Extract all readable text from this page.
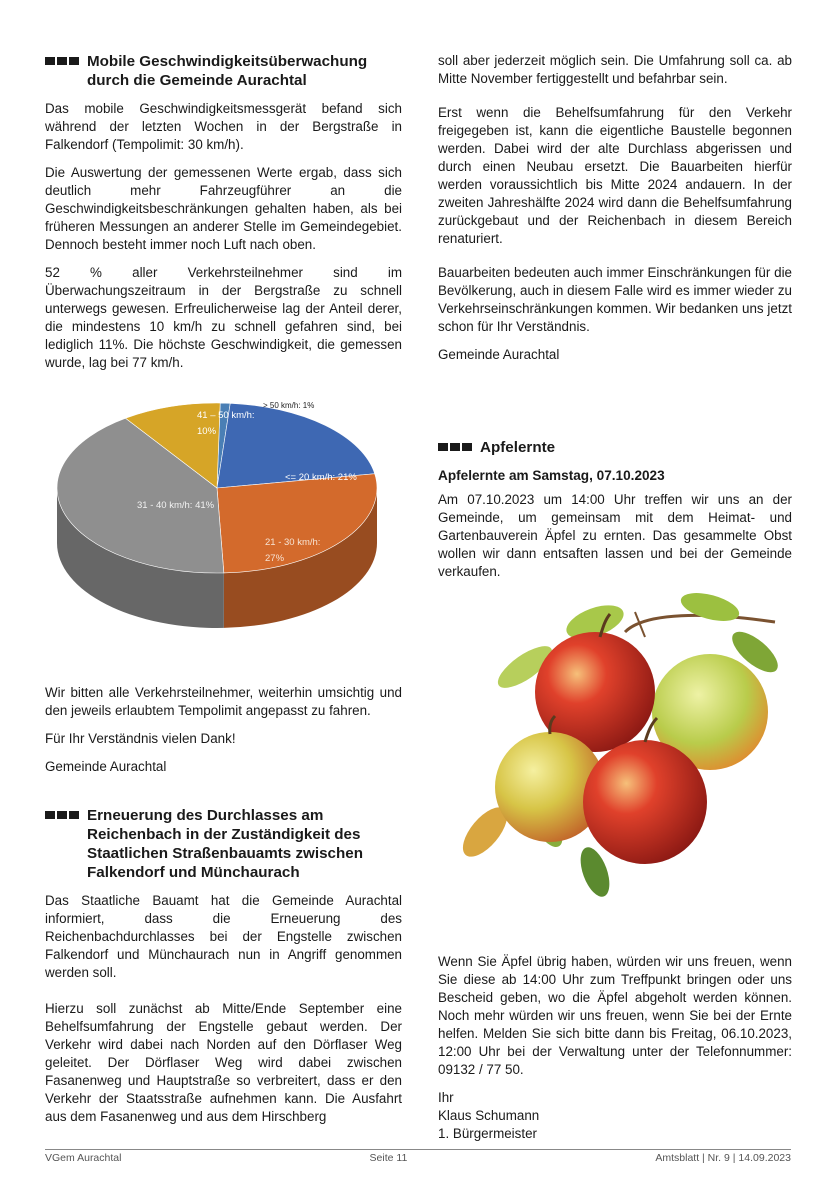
Mobile Geschwindigkeitsüberwachung durch die Gemeinde Aurachtal

Das mobile Geschwindigkeitsmessgerät befand sich während der letzten Wochen in der Bergstraße in Falkendorf (Tempolimit: 30 km/h).

Die Auswertung der gemessenen Werte ergab, dass sich deutlich mehr Fahrzeugführer an die Geschwindigkeitsbeschränkungen gehalten haben, als bei früheren Messungen an anderer Stelle im Gemeindegebiet. Dennoch besteht immer noch Luft nach oben.

52 % aller Verkehrsteilnehmer sind im Überwachungszeitraum in der Bergstraße zu schnell unterwegs gewesen. Erfreulicherweise lag der Anteil derer, die mindestens 10 km/h zu schnell gefahren sind, bei lediglich 11%. Die höchste Geschwindigkeit, die gemessen wurde, lag bei 77 km/h.

Wir bitten alle Verkehrsteilnehmer, weiterhin umsichtig und den jeweils erlaubtem Tempolimit angepasst zu fahren.

Für Ihr Verständnis vielen Dank!

Gemeinde Aurachtal

Erneuerung des Durchlasses am Reichenbach in der Zuständigkeit des Staatlichen Straßenbauamts zwischen Falkendorf und Münchaurach

Das Staatliche Bauamt hat die Gemeinde Aurachtal informiert, dass die Erneuerung des Reichenbachdurchlasses bei der Engstelle zwischen Falkendorf und Münchaurach nun in Angriff genommen werden soll.

Hierzu soll zunächst ab Mitte/Ende September eine Behelfsumfahrung der Engstelle gebaut werden. Der Verkehr wird dabei nach Norden auf den Dörflaser Weg geleitet. Der Dörflaser Weg wird dabei zwischen Fasanenweg und Hauptstraße so verbreitert, dass er den Verkehr der Staatsstraße aufnehmen kann. Die Ausfahrt aus dem Fasanenweg und aus dem Hirschberg

> 50 km/h: 1%
<= 20 km/h: 21%
21 - 30 km/h:
27%
31 - 40 km/h: 41%
41 – 50 km/h:
10%

soll aber jederzeit möglich sein. Die Umfahrung soll ca. ab Mitte November fertiggestellt und befahrbar sein.

Erst wenn die Behelfsumfahrung für den Verkehr freigegeben ist, kann die eigentliche Baustelle begonnen werden. Dabei wird der alte Durchlass abgerissen und durch einen Neubau ersetzt. Die Bauarbeiten hierfür werden voraussichtlich bis Mitte 2024 andauern. In der zweiten Jahreshälfte 2024 wird dann die Behelfsumfahrung zurückgebaut und der Reichenbach in diesem Bereich renaturiert.

Bauarbeiten bedeuten auch immer Einschränkungen für die Bevölkerung, auch in diesem Falle wird es immer wieder zu Verkehrseinschränkungen kommen. Wir bedanken uns jetzt schon für Ihr Verständnis.

Gemeinde Aurachtal

Apfelernte
Apfelernte am Samstag, 07.10.2023

Am 07.10.2023 um 14:00 Uhr treffen wir uns an der Gemeinde, um gemeinsam mit dem Heimat- und Gartenbauverein Äpfel zu ernten. Das gesammelte Obst wollen wir dann entsaften lassen und bei der Gemeinde verkaufen.

Wenn Sie Äpfel übrig haben, würden wir uns freuen, wenn Sie diese ab 14:00 Uhr zum Treffpunkt bringen oder uns Bescheid geben, wo die Äpfel abgeholt werden können. Noch mehr würden wir uns freuen, wenn Sie bei der Ernte helfen. Melden Sie sich bitte dann bis Freitag, 06.10.2023, 12:00 Uhr bei der Verwaltung unter der Telefonnummer: 09132 / 77 50.

Ihr

Klaus Schumann

1. Bürgermeister

VGem Aurachtal	Seite 11	Amtsblatt | Nr. 9 | 14.09.2023
